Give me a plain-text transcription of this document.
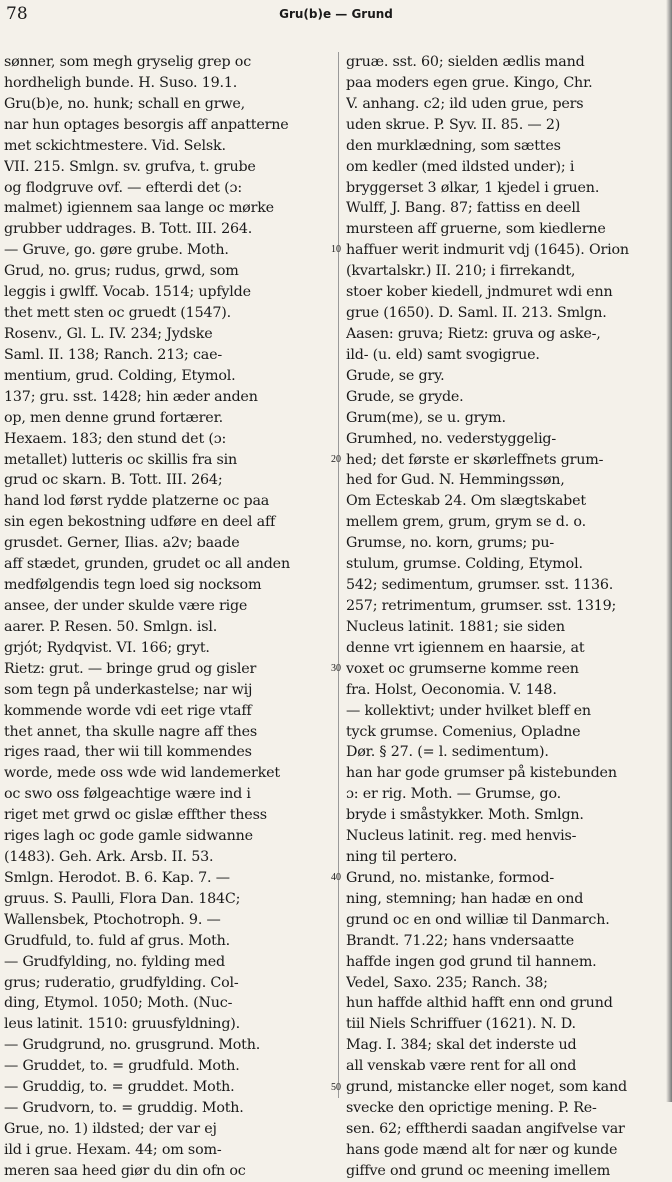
78	Gru(b)e — Grund
sønner, som megh gryselig grep oc
hordheligh bunde. H. Suso. 19.1.
Gru(b)e, no. hunk; schall en grwe,
nar hun optages besorgis aff anpatterne
met sckichtmestere. Vid. Selsk.
VII. 215. Smlgn. sv. grufva, t. grube
og flodgruve ovf. — efterdi det (ɔ:
malmet) igiennem saa lange oc mørke
grubber uddrages. B. Tott. III. 264.
— Gruve, go. gøre grube. Moth.
Grud, no. grus; rudus, grwd, som
leggis i gwlff. Vocab. 1514; upfylde
thet mett sten oc gruedt (1547).
Rosenv., Gl. L. IV. 234; Jydske
Saml. II. 138; Ranch. 213; cae-
mentium, grud. Colding, Etymol.
137; gru. sst. 1428; hin æder anden
op, men denne grund fortærer.
Hexaem. 183; den stund det (ɔ:
metallet) lutteris oc skillis fra sin
grud oc skarn. B. Tott. III. 264;
hand lod først rydde platzerne oc paa
sin egen bekostning udføre en deel aff
grusdet. Gerner, Ilias. a2v; baade
aff stædet, grunden, grudet oc all anden
medfølgendis tegn loed sig nocksom
ansee, der under skulde være rige
aarer. P. Resen. 50. Smlgn. isl.
grjót; Rydqvist. VI. 166; gryt.
Rietz: grut. — bringe grud og gisler
som tegn på underkastelse; nar wij
kommende worde vdi eet rige vtaff
thet annet, tha skulle nagre aff thes
riges raad, ther wii till kommendes
worde, mede oss wde wid landemerket
oc swo oss følgeachtige wære ind i
riget met grwd oc gislæ effther thess
riges lagh oc gode gamle sidwanne
(1483). Geh. Ark. Arsb. II. 53.
Smlgn. Herodot. B. 6. Kap. 7. —
gruus. S. Paulli, Flora Dan. 184C;
Wallensbek, Ptochotroph. 9. —
Grudfuld, to. fuld af grus. Moth.
— Grudfylding, no. fylding med
grus; ruderatio, grudfylding. Col-
ding, Etymol. 1050; Moth. (Nuc-
leus latinit. 1510: gruusfyldning).
— Grudgrund, no. grusgrund. Moth.
— Gruddet, to. = grudfuld. Moth.
— Gruddig, to. = gruddet. Moth.
— Grudvorn, to. = gruddig. Moth.
Grue, no. 1) ildsted; der var ej
ild i grue. Hexam. 44; om som-
meren saa heed giør du din ofn oc
10
20
30
40
50
gruæ. sst. 60; sielden ædlis mand
paa moders egen grue. Kingo, Chr.
V. anhang. c2; ild uden grue, pers
uden skrue. P. Syv. II. 85. — 2)
den murklædning, som sættes
om kedler (med ildsted under); i
bryggerset 3 ølkar, 1 kjedel i gruen.
Wulff, J. Bang. 87; fattiss en deell
mursteen aff gruerne, som kiedlerne
haffuer werit indmurit vdj (1645). Orion
(kvartalskr.) II. 210; i firrekandt,
stoer kober kiedell, jndmuret wdi enn
grue (1650). D. Saml. II. 213. Smlgn.
Aasen: gruva; Rietz: gruva og aske-,
ild- (u. eld) samt svogigrue.
Grude, se gry.
Grude, se gryde.
Grum(me), se u. grym.
Grumhed, no. vederstyggelig-
hed; det første er skørleffnets grum-
hed for Gud. N. Hemmingssøn,
Om Ecteskab 24. Om slægtskabet
mellem grem, grum, grym se d. o.
Grumse, no. korn, grums; pu-
stulum, grumse. Colding, Etymol.
542; sedimentum, grumser. sst. 1136.
257; retrimentum, grumser. sst. 1319;
Nucleus latinit. 1881; sie siden
denne vrt igiennem en haarsie, at
voxet oc grumserne komme reen
fra. Holst, Oeconomia. V. 148.
— kollektivt; under hvilket bleff en
tyck grumse. Comenius, Opladne
Dør. § 27. (= l. sedimentum).
han har gode grumser på kistebunden
ɔ: er rig. Moth. — Grumse, go.
bryde i småstykker. Moth. Smlgn.
Nucleus latinit. reg. med henvis-
ning til pertero.
Grund, no. mistanke, formod-
ning, stemning; han hadæ en ond
grund oc en ond williæ til Danmarch.
Brandt. 71.22; hans vndersaatte
haffde ingen god grund til hannem.
Vedel, Saxo. 235; Ranch. 38;
hun haffde althid hafft enn ond grund
tiil Niels Schriffuer (1621). N. D.
Mag. I. 384; skal det inderste ud
all venskab være rent for all ond
grund, mistancke eller noget, som kand
svecke den oprictige mening. P. Re-
sen. 62; efftherdi saadan angifvelse var
hans gode mænd alt for nær og kunde
giffve ond grund oc meening imellem
